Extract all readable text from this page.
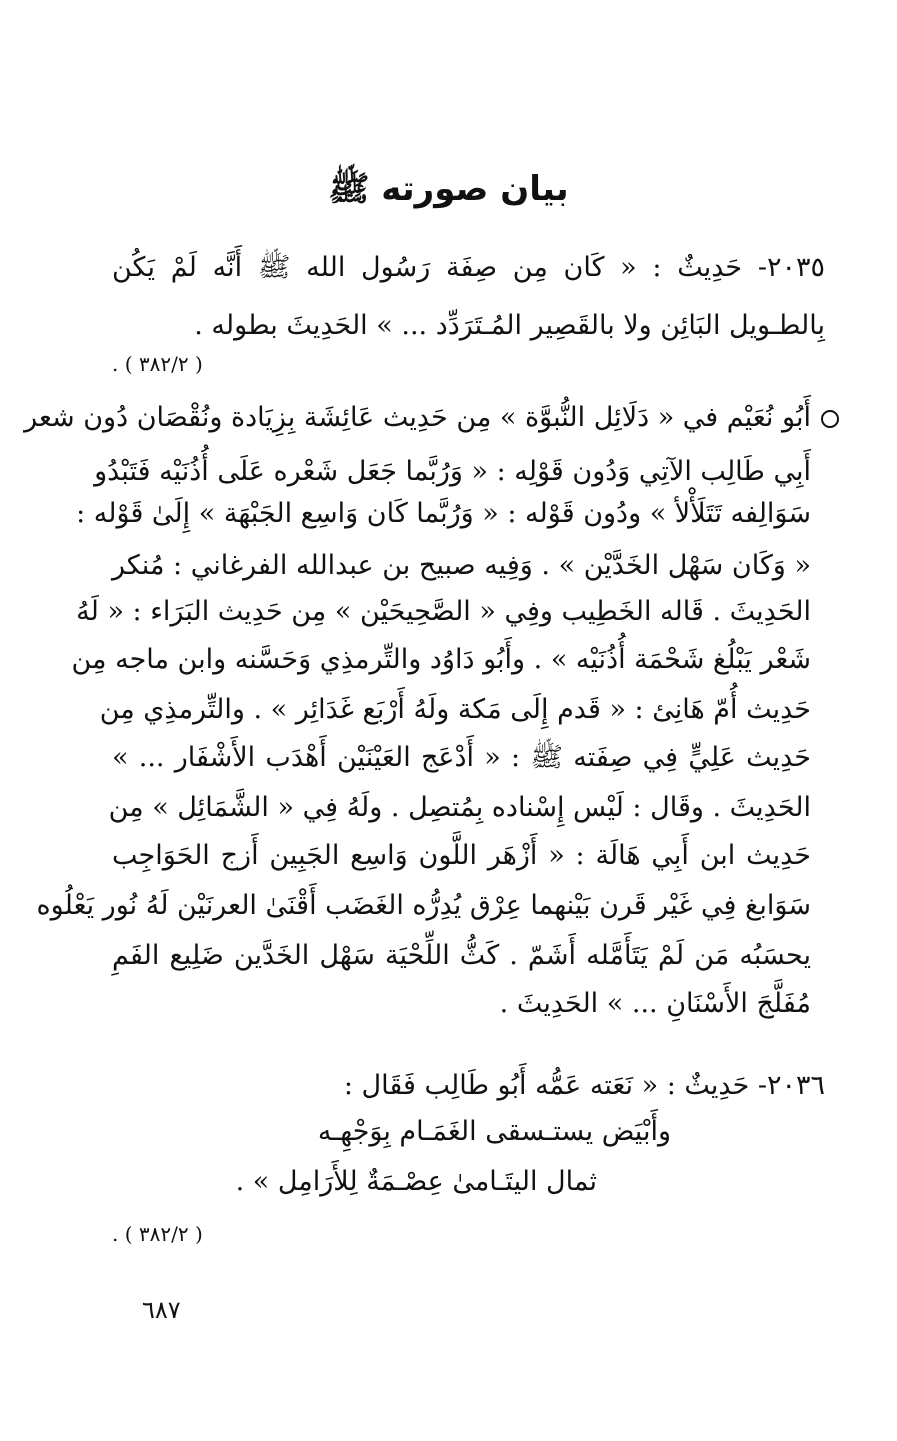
بيان صورته ﷺ
٢٠٣٥- حَدِيثٌ : « كَان مِن صِفَة رَسُول الله ﷺ أَنَّه لَمْ يَكُن
بِالطـويل البَائِن ولا بالقَصِير المُـتَرَدِّد ... » الحَدِيثَ بطوله .
( ٣٨٢/٢ ) .
أَبُو نُعَيْم في « دَلَائِل النُّبوَّة » مِن حَدِيث عَائِشَة بِزِيَادة ونُقْصَان دُون شعر
أَبِي طَالِب الآتِي وَدُون قَوْلِه : « وَرُبَّما جَعَل شَعْره عَلَى أُذُنَيْه فَتَبْدُو
سَوَالِفه تَتَلَأْلأ » ودُون قَوْله : « وَرُبَّما كَان وَاسِع الجَبْهَة » إِلَىٰ قَوْله :
« وَكَان سَهْل الخَدَّيْن » . وَفِيه صبيح بن عبدالله الفرغاني : مُنكر
الحَدِيثَ . قَاله الخَطِيب وفِي « الصَّحِيحَيْن » مِن حَدِيث البَرَاء : « لَهُ
شَعْر يَبْلُغ شَحْمَة أُذُنَيْه » . وأَبُو دَاوُد والتِّرمذِي وَحَسَّنه وابن ماجه مِن
حَدِيث أُمّ هَانِئ : « قَدم إِلَى مَكة ولَهُ أَرْبَع غَدَائِر » . والتِّرمذِي مِن
حَدِيث عَلِيٍّ فِي صِفَته ﷺ : « أَدْعَج العَيْنَيْن أَهْدَب الأَشْفَار ... »
الحَدِيثَ . وقَال : لَيْس إِسْناده بِمُتصِل . ولَهُ فِي « الشَّمَائِل » مِن
حَدِيث ابن أَبِي هَالَة : « أَزْهَر اللَّون وَاسِع الجَبِين أَزج الحَوَاجِب
سَوَابغ فِي غَيْر قَرن بَيْنهما عِرْق يُدِرُّه الغَضَب أَقْنَىٰ العرنَيْن لَهُ نُور يَعْلُوه
يحسَبُه مَن لَمْ يَتَأَمَّله أَشَمّ . كَثُّ اللِّحْيَة سَهْل الخَدَّين ضَلِيع الفَمِ
مُفَلَّجَ الأَسْنَانِ ... » الحَدِيثَ .
٢٠٣٦- حَدِيثٌ : « نَعَته عَمُّه أَبُو طَالِب فَقَال :
وأَبْيَض يستـسقى الغَمَـام بِوَجْهِـه
ثمال اليتَـامىٰ عِصْـمَةٌ لِلأَرَامِل » .
( ٣٨٢/٢ ) .
٦٨٧
